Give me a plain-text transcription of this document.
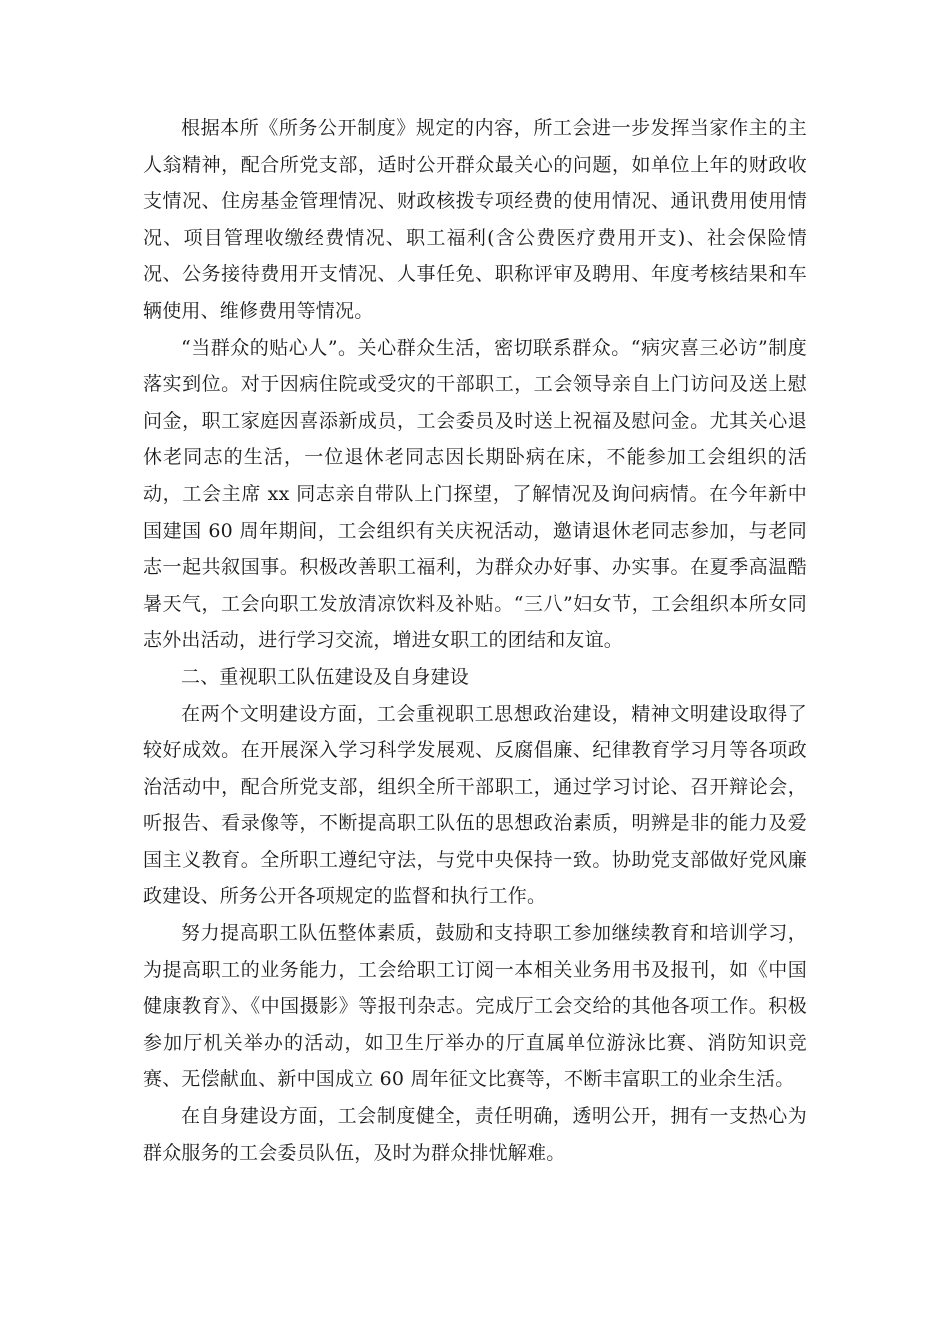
根据本所《所务公开制度》规定的内容，所工会进一步发挥当家作主的主人翁精神，配合所党支部，适时公开群众最关心的问题，如单位上年的财政收支情况、住房基金管理情况、财政核拨专项经费的使用情况、通讯费用使用情况、项目管理收缴经费情况、职工福利(含公费医疗费用开支)、社会保险情况、公务接待费用开支情况、人事任免、职称评审及聘用、年度考核结果和车辆使用、维修费用等情况。

“当群众的贴心人”。关心群众生活，密切联系群众。“病灾喜三必访”制度落实到位。对于因病住院或受灾的干部职工，工会领导亲自上门访问及送上慰问金，职工家庭因喜添新成员，工会委员及时送上祝福及慰问金。尤其关心退休老同志的生活，一位退休老同志因长期卧病在床，不能参加工会组织的活动，工会主席 xx 同志亲自带队上门探望，了解情况及询问病情。在今年新中国建国 60 周年期间，工会组织有关庆祝活动，邀请退休老同志参加，与老同志一起共叙国事。积极改善职工福利，为群众办好事、办实事。在夏季高温酷暑天气，工会向职工发放清凉饮料及补贴。“三八”妇女节，工会组织本所女同志外出活动，进行学习交流，增进女职工的团结和友谊。

二、重视职工队伍建设及自身建设

在两个文明建设方面，工会重视职工思想政治建设，精神文明建设取得了较好成效。在开展深入学习科学发展观、反腐倡廉、纪律教育学习月等各项政治活动中，配合所党支部，组织全所干部职工，通过学习讨论、召开辩论会，听报告、看录像等，不断提高职工队伍的思想政治素质，明辨是非的能力及爱国主义教育。全所职工遵纪守法，与党中央保持一致。协助党支部做好党风廉政建设、所务公开各项规定的监督和执行工作。

努力提高职工队伍整体素质，鼓励和支持职工参加继续教育和培训学习，为提高职工的业务能力，工会给职工订阅一本相关业务用书及报刊，如《中国健康教育》、《中国摄影》等报刊杂志。完成厅工会交给的其他各项工作。积极参加厅机关举办的活动，如卫生厅举办的厅直属单位游泳比赛、消防知识竞赛、无偿献血、新中国成立 60 周年征文比赛等，不断丰富职工的业余生活。

在自身建设方面，工会制度健全，责任明确，透明公开，拥有一支热心为群众服务的工会委员队伍，及时为群众排忧解难。
